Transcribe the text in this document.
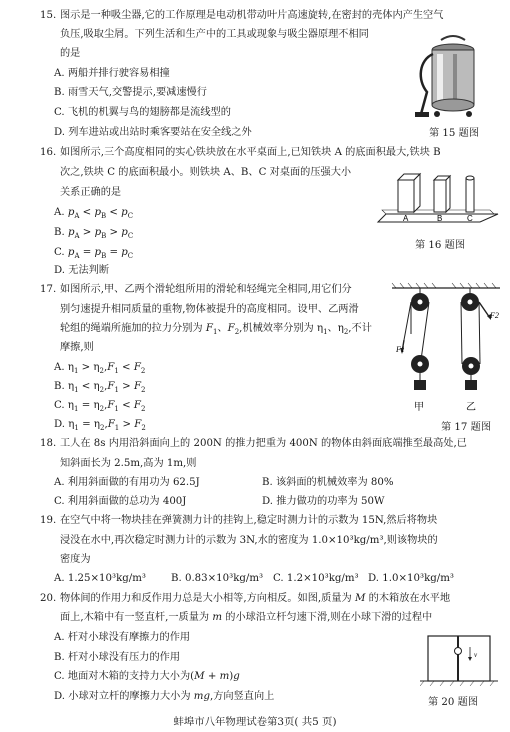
15. 图示是一种吸尘器,它的工作原理是电动机带动叶片高速旋转,在密封的壳体内产生空气
负压,吸取尘屑。下列生活和生产中的工具或现象与吸尘器原理不相同
的是
A. 两船并排行驶容易相撞
B. 雨雪天气,交警提示,要减速慢行
C. 飞机的机翼与鸟的翅膀都是流线型的
D. 列车进站或出站时乘客要站在安全线之外	第 15 题图
16. 如图所示,三个高度相同的实心铁块放在水平桌面上,已知铁块 A 的底面积最大,铁块 B
次之,铁块 C 的底面积最小。则铁块 A、B、C 对桌面的压强大小
关系正确的是
A. $p_A < p_B < p_C$
B. $p_A > p_B > p_C$
C. $p_A = p_B = p_C$
D. 无法判断
A	B	C
第 16 题图
17. 如图所示,甲、乙两个滑轮组所用的滑轮和轻绳完全相同,用它们分
别匀速提升相同质量的重物,物体被提升的高度相同。设甲、乙两滑
轮组的绳端所施加的拉力分别为 $F_1$、$F_2$,机械效率分别为 $\eta_1$、$\eta_2$,不计
摩擦,则
A. $\eta_1 > \eta_2,F_1 < F_2$
B. $\eta_1 < \eta_2,F_1 > F_2$
C. $\eta_1 = \eta_2,F_1 < F_2$
D. $\eta_1 = \eta_2,F_1 > F_2$
F1
F2
甲	乙
第 17 题图
18. 工人在 8s 内用沿斜面向上的 200N 的推力把重为 400N 的物体由斜面底端推至最高处,已
知斜面长为 2.5m,高为 1m,则
A. 利用斜面做的有用功为 62.5J	B. 该斜面的机械效率为 80%
C. 利用斜面做的总功为 400J	D. 推力做功的功率为 50W
19. 在空气中将一物块挂在弹簧测力计的挂钩上,稳定时测力计的示数为 15N,然后将物块
浸没在水中,再次稳定时测力计的示数为 3N,水的密度为 1.0×10³kg/m³,则该物块的
密度为
A. 1.25×10³kg/m³ B. 0.83×10³kg/m³ C. 1.2×10³kg/m³ D. 1.0×10³kg/m³
20. 物体间的作用力和反作用力总是大小相等,方向相反。如图,质量为 M 的木箱放在水平地
面上,木箱中有一竖直杆,一质量为 m 的小球沿立杆匀速下滑,则在小球下滑的过程中
A. 杆对小球没有摩擦力的作用
B. 杆对小球没有压力的作用
C. 地面对木箱的支持力大小为(M + m)g
D. 小球对立杆的摩擦力大小为 mg,方向竖直向上
v
第 20 题图
蚌埠市八年物理试卷第3页( 共5 页)
